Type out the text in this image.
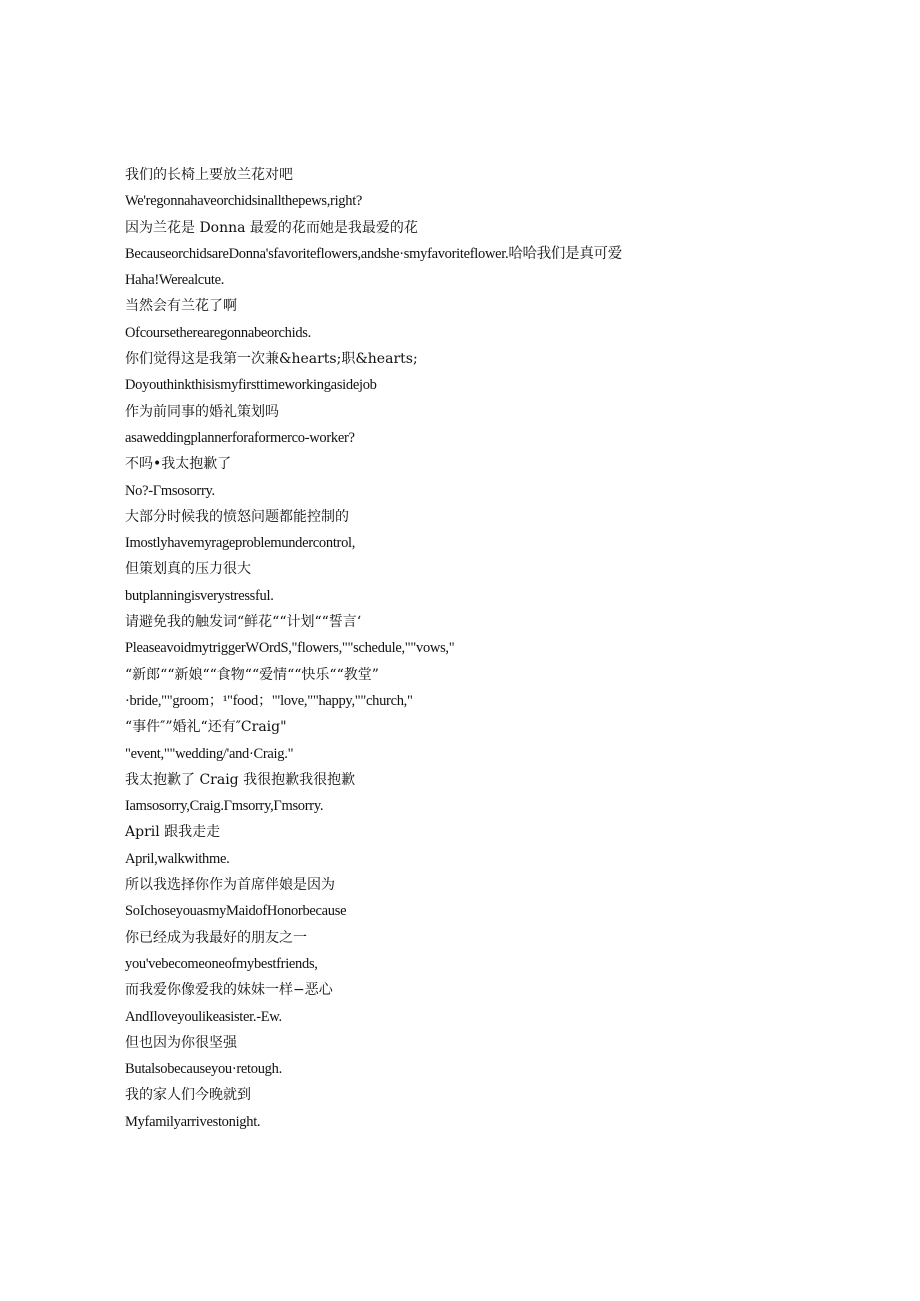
我们的长椅上要放兰花对吧
We'regonnahaveorchidsinallthepews,right?
因为兰花是 Donna 最爱的花而她是我最爱的花
BecauseorchidsareDonna'sfavoriteflowers,andshe·smyfavoriteflower.哈哈我们是真可爱
Haha!Werealcute.
当然会有兰花了啊
Ofcoursetherearegonnabeorchids.
你们觉得这是我第一次兼&hearts;职&hearts;
Doyouthinkthisismyfirsttimeworkingasidejob
作为前同事的婚礼策划吗
asaweddingplannerforaformerco-worker?
不吗•我太抱歉了
No?-Γmsosorry.
大部分时候我的愤怒问题都能控制的
Imostlyhavemyrageproblemundercontrol,
但策划真的压力很大
butplanningisverystressful.
请避免我的触发词“鲜花““计划““誓言‘
PleaseavoidmytriggerWOrdS,"flowers,""schedule,""vows,"
“新郎““新娘““食物““爱情““快乐““教堂”
·bride,""groom；¹"food；'"love,""happy,""church,"
“事件″”婚礼“还有″Craig"
"event,""wedding/'and·Craig."
我太抱歉了 Craig 我很抱歉我很抱歉
Iamsosorry,Craig.Γmsorry,Γmsorry.
April 跟我走走
April,walkwithme.
所以我选择你作为首席伴娘是因为
SoIchoseyouasmyMaidofHonorbecause
你已经成为我最好的朋友之一
you'vebecomeoneofmybestfriends,
而我爱你像爱我的妹妹一样−恶心
AndIloveyoulikeasister.-Ew.
但也因为你很坚强
Butalsobecauseyou·retough.
我的家人们今晚就到
Myfamilyarrivestonight.
